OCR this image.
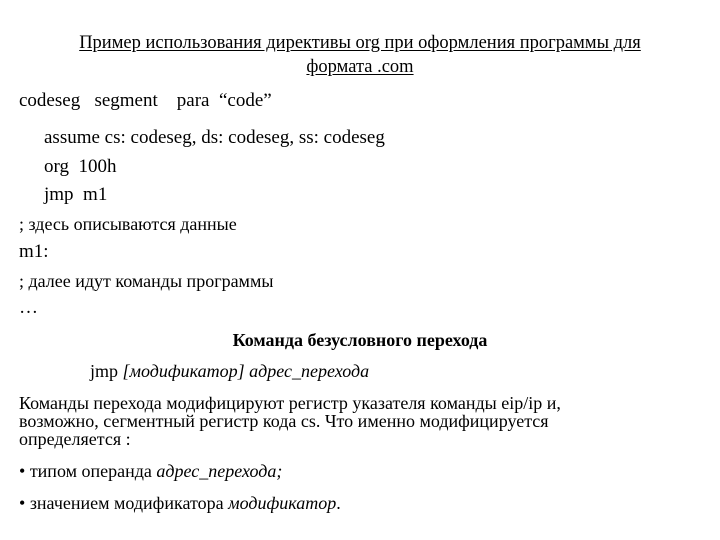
Пример использования директивы org при оформления программы для
формата .com
codeseg   segment    para  “code”
assume cs: codeseg, ds: codeseg, ss: codeseg
org  100h
jmp  m1
; здесь описываются данные
m1:
; далее идут команды программы
…
Команда безусловного перехода
jmp [модификатор] адрес_перехода
Команды перехода модифицируют регистр указателя команды eip/ip и,
возможно, сегментный регистр кода cs. Что именно модифицируется
определяется :
• типом операнда адрес_перехода;
• значением модификатора модификатор.
